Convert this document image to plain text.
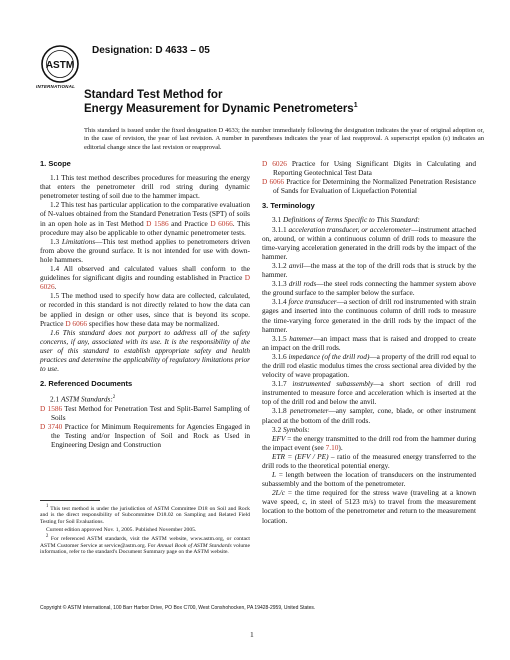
ASTM
INTERNATIONAL
Designation: D 4633 – 05
Standard Test Method for
Energy Measurement for Dynamic Penetrometers$^1$
This standard is issued under the fixed designation D 4633; the number immediately following the designation indicates the year of original adoption or, in the case of revision, the year of last revision. A number in parentheses indicates the year of last reapproval. A superscript epsilon (ε) indicates an editorial change since the last revision or reapproval.
1. Scope

1.1 This test method describes procedures for measuring the energy that enters the penetrometer drill rod string during dynamic penetrometer testing of soil due to the hammer impact.

1.2 This test has particular application to the comparative evaluation of N-values obtained from the Standard Penetration Tests (SPT) of soils in an open hole as in Test Method D 1586 and Practice D 6066. This procedure may also be applicable to other dynamic penetrometer tests.

1.3 Limitations—This test method applies to penetrometers driven from above the ground surface. It is not intended for use with down-hole hammers.

1.4 All observed and calculated values shall conform to the guidelines for significant digits and rounding established in Practice D 6026.

1.5 The method used to specify how data are collected, calculated, or recorded in this standard is not directly related to how the data can be applied in design or other uses, since that is beyond its scope. Practice D 6066 specifies how these data may be normalized.

1.6 This standard does not purport to address all of the safety concerns, if any, associated with its use. It is the responsibility of the user of this standard to establish appropriate safety and health practices and determine the applicability of regulatory limitations prior to use.

2. Referenced Documents

2.1 ASTM Standards:$^2$

D 1586 Test Method for Penetration Test and Split-Barrel Sampling of Soils

D 3740 Practice for Minimum Requirements for Agencies Engaged in the Testing and/or Inspection of Soil and Rock as Used in Engineering Design and Construction

$^1$ This test method is under the jurisdiction of ASTM Committee D18 on Soil and Rock and is the direct responsibility of Subcommittee D18.02 on Sampling and Related Field Testing for Soil Evaluations.

Current edition approved Nov. 1, 2005. Published November 2005.

$^2$ For referenced ASTM standards, visit the ASTM website, www.astm.org, or contact ASTM Customer Service at service@astm.org. For Annual Book of ASTM Standards volume information, refer to the standard's Document Summary page on the ASTM website.

D 6026 Practice for Using Significant Digits in Calculating and Reporting Geotechnical Test Data

D 6066 Practice for Determining the Normalized Penetration Resistance of Sands for Evaluation of Liquefaction Potential

3. Terminology

3.1 Definitions of Terms Specific to This Standard:

3.1.1 acceleration transducer, or accelerometer—instrument attached on, around, or within a continuous column of drill rods to measure the time-varying acceleration generated in the drill rods by the impact of the hammer.

3.1.2 anvil—the mass at the top of the drill rods that is struck by the hammer.

3.1.3 drill rods—the steel rods connecting the hammer system above the ground surface to the sampler below the surface.

3.1.4 force transducer—a section of drill rod instrumented with strain gages and inserted into the continuous column of drill rods to measure the time-varying force generated in the drill rods by the impact of the hammer.

3.1.5 hammer—an impact mass that is raised and dropped to create an impact on the drill rods.

3.1.6 impedance (of the drill rod)—a property of the drill rod equal to the drill rod elastic modulus times the cross sectional area divided by the velocity of wave propagation.

3.1.7 instrumented subassembly—a short section of drill rod instrumented to measure force and acceleration which is inserted at the top of the drill rod and below the anvil.

3.1.8 penetrometer—any sampler, cone, blade, or other instrument placed at the bottom of the drill rods.

3.2 Symbols:

EFV = the energy transmitted to the drill rod from the hammer during the impact event (see 7.10).

ETR = (EFV / PE) – ratio of the measured energy transferred to the drill rods to the theoretical potential energy.

L = length between the location of transducers on the instrumented subassembly and the bottom of the penetrometer.

2L/c = the time required for the stress wave (traveling at a known wave speed, c, in steel of 5123 m/s) to travel from the measurement location to the bottom of the penetrometer and return to the measurement location.

Copyright © ASTM International, 100 Barr Harbor Drive, PO Box C700, West Conshohocken, PA 19428-2959, United States.
1
